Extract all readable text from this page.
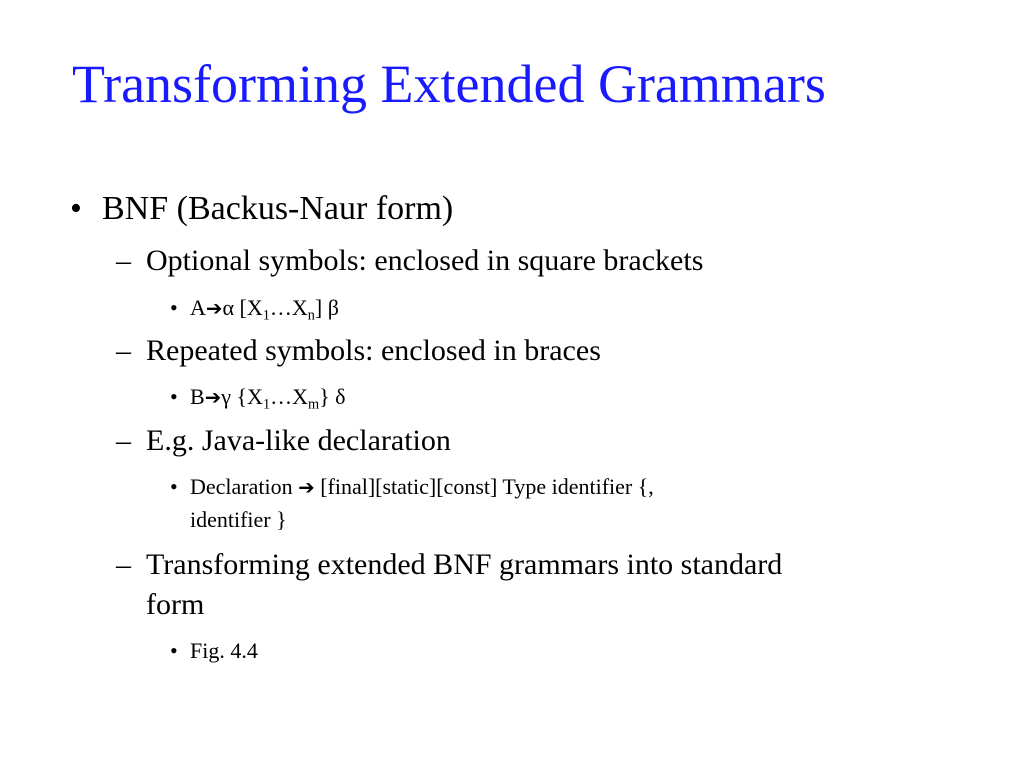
Transforming Extended Grammars
• BNF (Backus-Naur form)
– Optional symbols: enclosed in square brackets
• A➔α $[X_1\dots X_n]$ β
– Repeated symbols: enclosed in braces
• B➔γ $\{X_1\dots X_m\}$ δ
– E.g. Java-like declaration
• Declaration ➔ [final][static][const] Type identifier {,
identifier }
– Transforming extended BNF grammars into standard
form
• Fig. 4.4
